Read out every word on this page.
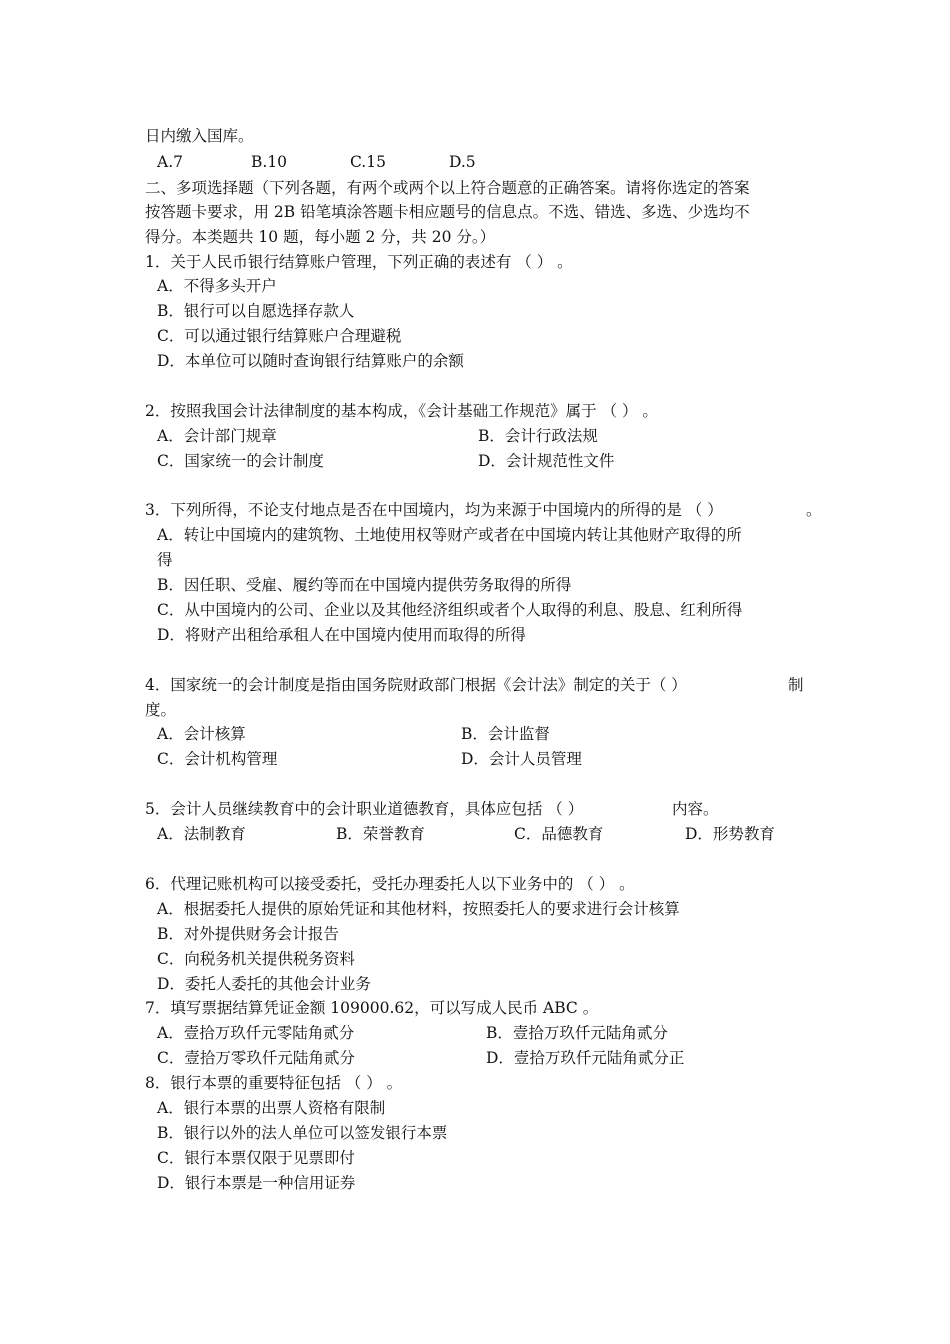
日内缴入国库。
A.7	B.10	C.15	D.5
二、多项选择题（下列各题，有两个或两个以上符合题意的正确答案。请将你选定的答案
按答题卡要求，用 2B 铅笔填涂答题卡相应题号的信息点。不选、错选、多选、少选均不
得分。本类题共 10 题，每小题 2 分，共 20 分。）
1．关于人民币银行结算账户管理，下列正确的表述有 （ ） 。
A．不得多头开户
B．银行可以自愿选择存款人
C．可以通过银行结算账户合理避税
D．本单位可以随时查询银行结算账户的余额
2．按照我国会计法律制度的基本构成，《会计基础工作规范》属于 （ ） 。
A．会计部门规章	B．会计行政法规
C．国家统一的会计制度	D．会计规范性文件
3．下列所得，不论支付地点是否在中国境内，均为来源于中国境内的所得的是 （ ）	。
A．转让中国境内的建筑物、土地使用权等财产或者在中国境内转让其他财产取得的所
得
B．因任职、受雇、履约等而在中国境内提供劳务取得的所得
C．从中国境内的公司、企业以及其他经济组织或者个人取得的利息、股息、红利所得
D．将财产出租给承租人在中国境内使用而取得的所得
4．国家统一的会计制度是指由国务院财政部门根据《会计法》制定的关于（ ）	制
度。
A．会计核算	B．会计监督
C．会计机构管理	D．会计人员管理
5．会计人员继续教育中的会计职业道德教育，具体应包括 （ ）	内容。
A．法制教育	B．荣誉教育	C．品德教育	D．形势教育
6．代理记账机构可以接受委托，受托办理委托人以下业务中的 （ ） 。
A．根据委托人提供的原始凭证和其他材料，按照委托人的要求进行会计核算
B．对外提供财务会计报告
C．向税务机关提供税务资料
D．委托人委托的其他会计业务
7．填写票据结算凭证金额 109000.62，可以写成人民币 ABC 。
A．壹拾万玖仟元零陆角贰分	B．壹拾万玖仟元陆角贰分
C．壹拾万零玖仟元陆角贰分	D．壹拾万玖仟元陆角贰分正
8．银行本票的重要特征包括 （ ） 。
A．银行本票的出票人资格有限制
B．银行以外的法人单位可以签发银行本票
C．银行本票仅限于见票即付
D．银行本票是一种信用证券
